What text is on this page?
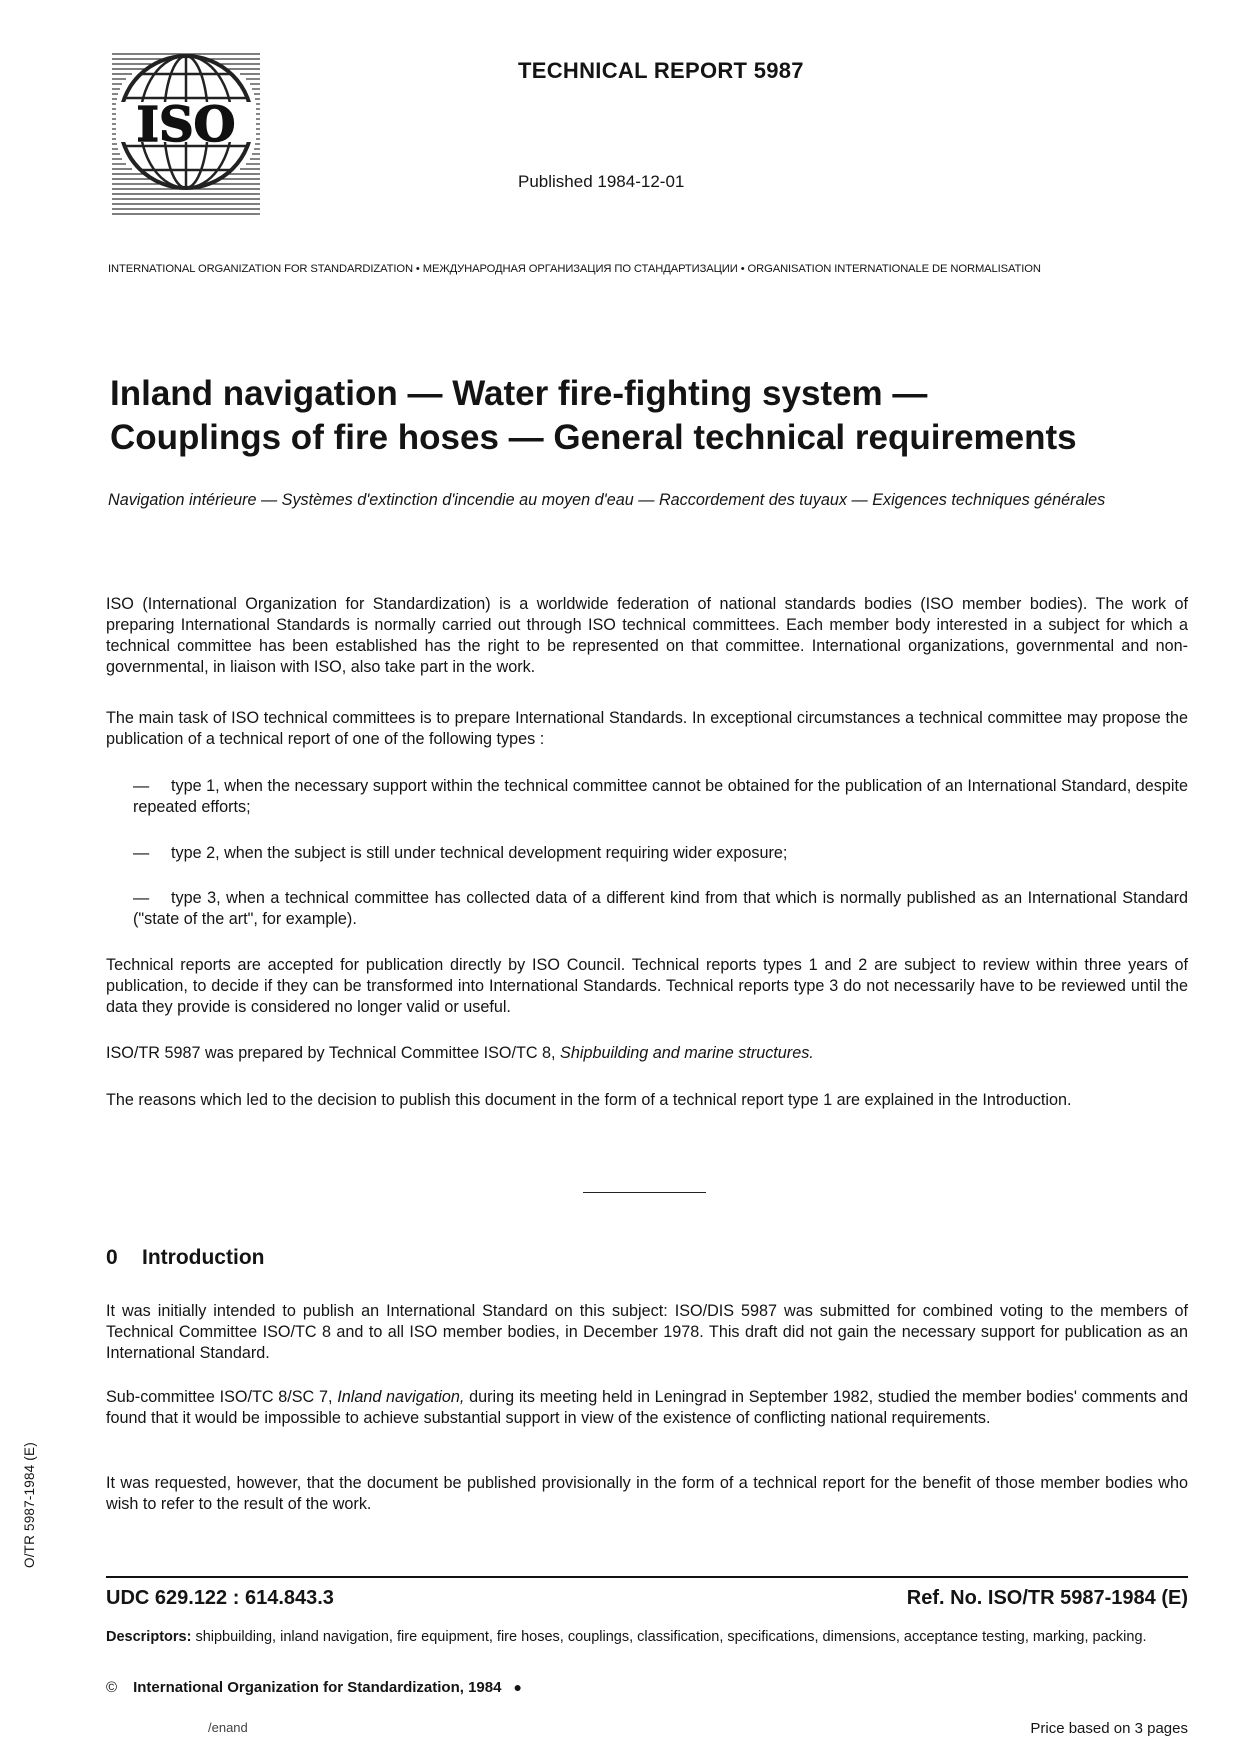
ISO
TECHNICAL REPORT 5987
Published 1984-12-01
INTERNATIONAL ORGANIZATION FOR STANDARDIZATION • МЕЖДУНАРОДНАЯ ОРГАНИЗАЦИЯ ПО СТАНДАРТИЗАЦИИ • ORGANISATION INTERNATIONALE DE NORMALISATION
Inland navigation — Water fire-fighting system —
Couplings of fire hoses — General technical requirements
Navigation intérieure — Systèmes d'extinction d'incendie au moyen d'eau — Raccordement des tuyaux — Exigences techniques générales

ISO (International Organization for Standardization) is a worldwide federation of national standards bodies (ISO member bodies). The work of preparing International Standards is normally carried out through ISO technical committees. Each member body interested in a subject for which a technical committee has been established has the right to be represented on that committee. International organizations, governmental and non-governmental, in liaison with ISO, also take part in the work.

The main task of ISO technical committees is to prepare International Standards. In exceptional circumstances a technical committee may propose the publication of a technical report of one of the following types :

— type 1, when the necessary support within the technical committee cannot be obtained for the publication of an International Standard, despite repeated efforts;
— type 2, when the subject is still under technical development requiring wider exposure;
— type 3, when a technical committee has collected data of a different kind from that which is normally published as an International Standard ("state of the art", for example).

Technical reports are accepted for publication directly by ISO Council. Technical reports types 1 and 2 are subject to review within three years of publication, to decide if they can be transformed into International Standards. Technical reports type 3 do not necessarily have to be reviewed until the data they provide is considered no longer valid or useful.

ISO/TR 5987 was prepared by Technical Committee ISO/TC 8, Shipbuilding and marine structures.

The reasons which led to the decision to publish this document in the form of a technical report type 1 are explained in the Introduction.

0 Introduction

It was initially intended to publish an International Standard on this subject: ISO/DIS 5987 was submitted for combined voting to the members of Technical Committee ISO/TC 8 and to all ISO member bodies, in December 1978. This draft did not gain the necessary support for publication as an International Standard.

Sub-committee ISO/TC 8/SC 7, Inland navigation, during its meeting held in Leningrad in September 1982, studied the member bodies' comments and found that it would be impossible to achieve substantial support in view of the existence of conflicting national requirements.

It was requested, however, that the document be published provisionally in the form of a technical report for the benefit of those member bodies who wish to refer to the result of the work.

UDC 629.122 : 614.843.3	Ref. No. ISO/TR 5987-1984 (E)
Descriptors: shipbuilding, inland navigation, fire equipment, fire hoses, couplings, classification, specifications, dimensions, acceptance testing, marking, packing.
© International Organization for Standardization, 1984 ●
/enand	Price based on 3 pages
O/TR 5987-1984 (E)
